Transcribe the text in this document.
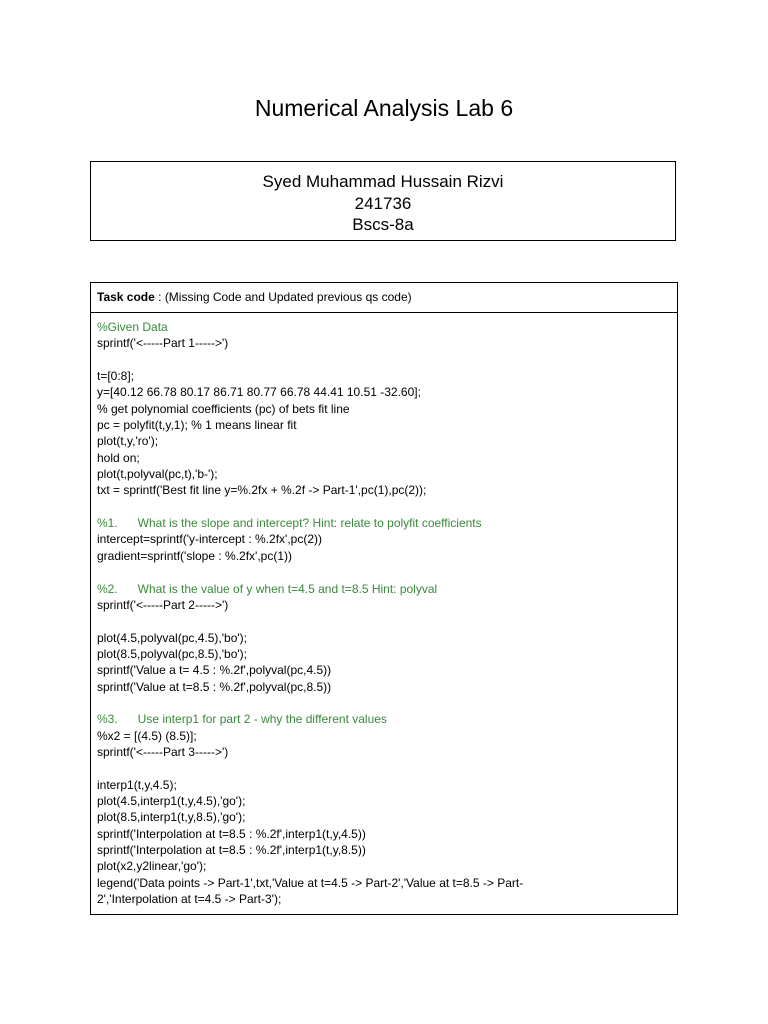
Numerical Analysis Lab 6
Syed Muhammad Hussain Rizvi
241736
Bscs-8a
Task code : (Missing Code and Updated previous qs code)
%Given Data
sprintf('<-----Part 1----->')
t=[0:8];
y=[40.12 66.78 80.17 86.71 80.77 66.78 44.41 10.51 -32.60];
% get polynomial coefficients (pc) of bets fit line
pc = polyfit(t,y,1); % 1 means linear fit
plot(t,y,'ro');
hold on;
plot(t,polyval(pc,t),'b-');
txt = sprintf('Best fit line y=%.2fx + %.2f -> Part-1',pc(1),pc(2));
%1.      What is the slope and intercept? Hint: relate to polyfit coefficients
intercept=sprintf('y-intercept : %.2fx',pc(2))
gradient=sprintf('slope : %.2fx',pc(1))
%2.      What is the value of y when t=4.5 and t=8.5 Hint: polyval
sprintf('<-----Part 2----->')
plot(4.5,polyval(pc,4.5),'bo');
plot(8.5,polyval(pc,8.5),'bo');
sprintf('Value a t= 4.5 : %.2f',polyval(pc,4.5))
sprintf('Value at t=8.5 : %.2f',polyval(pc,8.5))
%3.      Use interp1 for part 2 - why the different values
%x2 = [(4.5) (8.5)];
sprintf('<-----Part 3----->')
interp1(t,y,4.5);
plot(4.5,interp1(t,y,4.5),'go');
plot(8.5,interp1(t,y,8.5),'go');
sprintf('Interpolation at t=8.5 : %.2f',interp1(t,y,4.5))
sprintf('Interpolation at t=8.5 : %.2f',interp1(t,y,8.5))
plot(x2,y2linear,'go');
legend('Data points -> Part-1',txt,'Value at t=4.5 -> Part-2','Value at t=8.5 -> Part-
2','Interpolation at t=4.5 -> Part-3');
